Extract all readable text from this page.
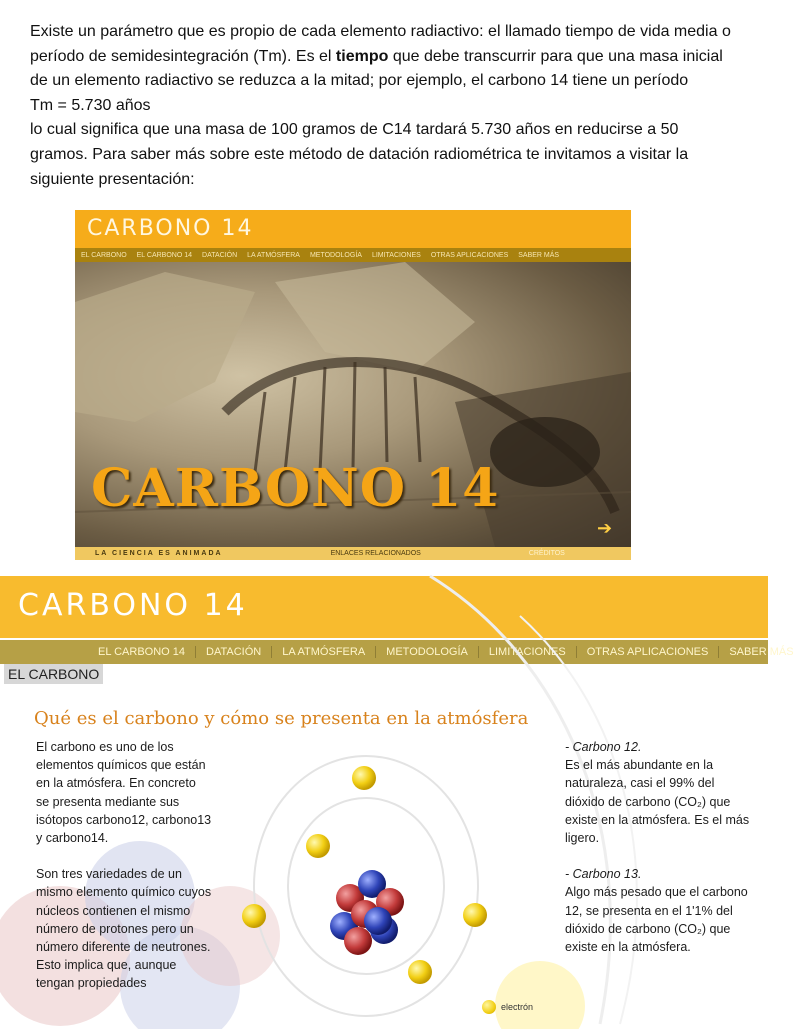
Existe un parámetro que es propio de cada elemento radiactivo: el llamado tiempo de vida media o período de semidesintegración (Tm). Es el tiempo que debe transcurrir para que una masa inicial de un elemento radiactivo se reduzca a la mitad; por ejemplo, el carbono 14 tiene un período

Tm = 5.730 años

lo cual significa que una masa de 100 gramos de C14 tardará 5.730 años en reducirse a 50 gramos. Para saber más sobre este método de datación radiométrica te invitamos a visitar la siguiente presentación:

CARBONO 14
EL CARBONO EL CARBONO 14 DATACIÓN LA ATMÓSFERA METODOLOGÍA LIMITACIONES OTRAS APLICACIONES SABER MÁS
CARBONO 14
➔
LA CIENCIA ES ANIMADA	ENLACES RELACIONADOS	CRÉDITOS
CARBONO 14
EL CARBONO 14	DATACIÓN	LA ATMÓSFERA	METODOLOGÍA	LIMITACIONES	OTRAS APLICACIONES	SABER MÁS
EL CARBONO
Qué es el carbono y cómo se presenta en la atmósfera

El carbono es uno de los elementos químicos que están en la atmósfera. En concreto se presenta mediante sus isótopos carbono12, carbono13 y carbono14.

Son tres variedades de un mismo elemento químico cuyos núcleos contienen el mismo número de protones pero un número diferente de neutrones. Esto implica que, aunque tengan propiedades

- Carbono 12.
Es el más abundante en la naturaleza, casi el 99% del dióxido de carbono (CO₂) que existe en la atmósfera. Es el más ligero.

- Carbono 13.
Algo más pesado que el carbono 12, se presenta en el 1'1% del dióxido de carbono (CO₂) que existe en la atmósfera.

electrón
